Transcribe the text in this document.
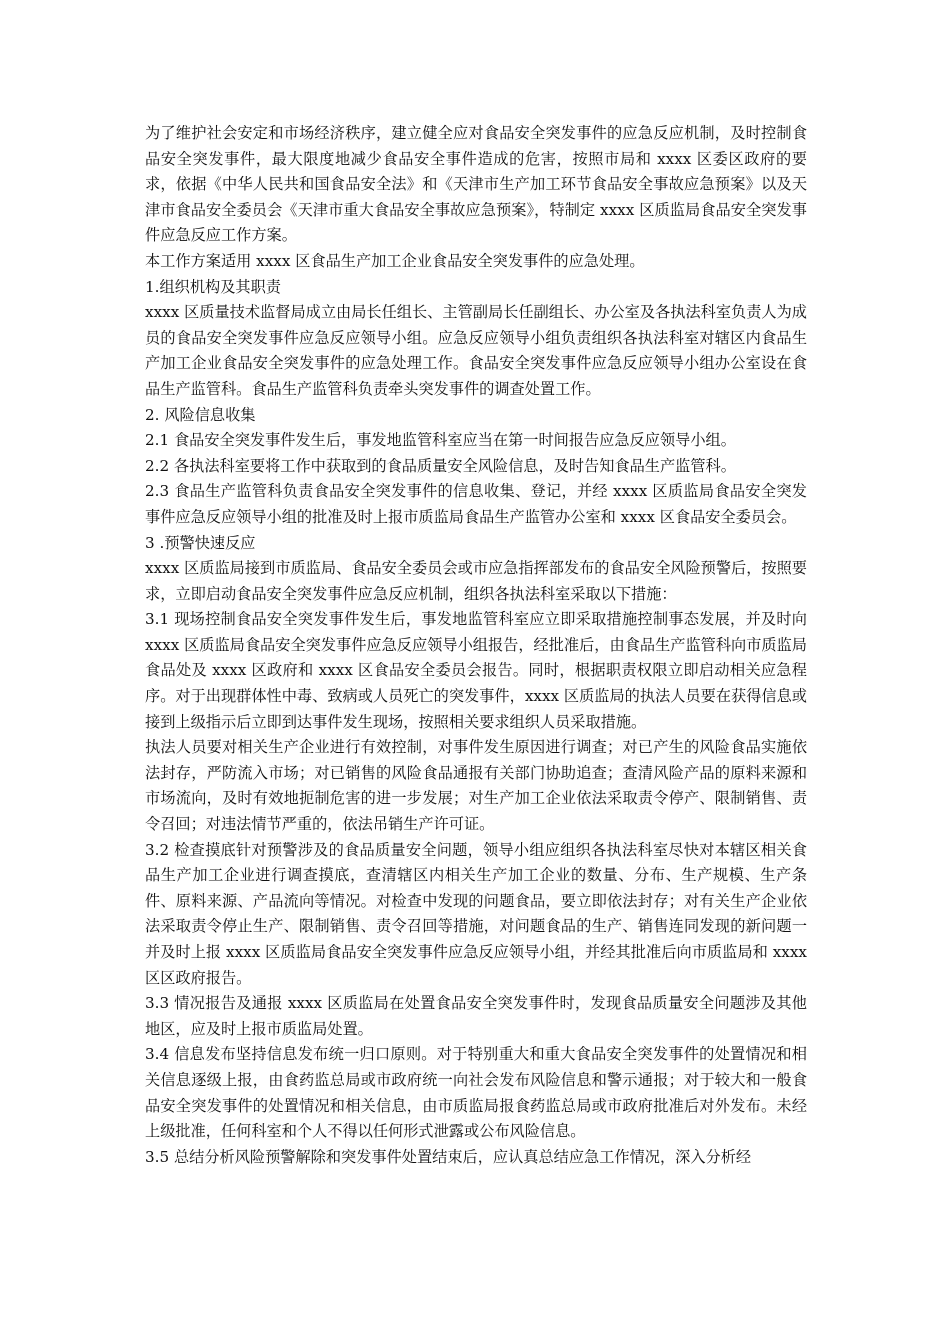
为了维护社会安定和市场经济秩序，建立健全应对食品安全突发事件的应急反应机制，及时控制食品安全突发事件，最大限度地减少食品安全事件造成的危害，按照市局和 xxxx 区委区政府的要求，依据《中华人民共和国食品安全法》和《天津市生产加工环节食品安全事故应急预案》以及天津市食品安全委员会《天津市重大食品安全事故应急预案》，特制定 xxxx 区质监局食品安全突发事件应急反应工作方案。

本工作方案适用 xxxx 区食品生产加工企业食品安全突发事件的应急处理。

1.组织机构及其职责

xxxx 区质量技术监督局成立由局长任组长、主管副局长任副组长、办公室及各执法科室负责人为成员的食品安全突发事件应急反应领导小组。应急反应领导小组负责组织各执法科室对辖区内食品生产加工企业食品安全突发事件的应急处理工作。食品安全突发事件应急反应领导小组办公室设在食品生产监管科。食品生产监管科负责牵头突发事件的调查处置工作。

2. 风险信息收集

2.1 食品安全突发事件发生后，事发地监管科室应当在第一时间报告应急反应领导小组。

2.2 各执法科室要将工作中获取到的食品质量安全风险信息，及时告知食品生产监管科。

2.3 食品生产监管科负责食品安全突发事件的信息收集、登记，并经 xxxx 区质监局食品安全突发事件应急反应领导小组的批准及时上报市质监局食品生产监管办公室和 xxxx 区食品安全委员会。

3 .预警快速反应

xxxx 区质监局接到市质监局、食品安全委员会或市应急指挥部发布的食品安全风险预警后，按照要求，立即启动食品安全突发事件应急反应机制，组织各执法科室采取以下措施：

3.1 现场控制食品安全突发事件发生后，事发地监管科室应立即采取措施控制事态发展，并及时向 xxxx 区质监局食品安全突发事件应急反应领导小组报告，经批准后，由食品生产监管科向市质监局食品处及 xxxx 区政府和 xxxx 区食品安全委员会报告。同时，根据职责权限立即启动相关应急程序。对于出现群体性中毒、致病或人员死亡的突发事件，xxxx 区质监局的执法人员要在获得信息或接到上级指示后立即到达事件发生现场，按照相关要求组织人员采取措施。

执法人员要对相关生产企业进行有效控制，对事件发生原因进行调查；对已产生的风险食品实施依法封存，严防流入市场；对已销售的风险食品通报有关部门协助追查；查清风险产品的原料来源和市场流向，及时有效地扼制危害的进一步发展；对生产加工企业依法采取责令停产、限制销售、责令召回；对违法情节严重的，依法吊销生产许可证。

3.2 检查摸底针对预警涉及的食品质量安全问题，领导小组应组织各执法科室尽快对本辖区相关食品生产加工企业进行调查摸底，查清辖区内相关生产加工企业的数量、分布、生产规模、生产条件、原料来源、产品流向等情况。对检查中发现的问题食品，要立即依法封存；对有关生产企业依法采取责令停止生产、限制销售、责令召回等措施，对问题食品的生产、销售连同发现的新问题一并及时上报 xxxx 区质监局食品安全突发事件应急反应领导小组，并经其批准后向市质监局和 xxxx 区区政府报告。

3.3 情况报告及通报 xxxx 区质监局在处置食品安全突发事件时，发现食品质量安全问题涉及其他地区，应及时上报市质监局处置。

3.4 信息发布坚持信息发布统一归口原则。对于特别重大和重大食品安全突发事件的处置情况和相关信息逐级上报，由食药监总局或市政府统一向社会发布风险信息和警示通报；对于较大和一般食品安全突发事件的处置情况和相关信息，由市质监局报食药监总局或市政府批准后对外发布。未经上级批准，任何科室和个人不得以任何形式泄露或公布风险信息。

3.5 总结分析风险预警解除和突发事件处置结束后，应认真总结应急工作情况，深入分析经
